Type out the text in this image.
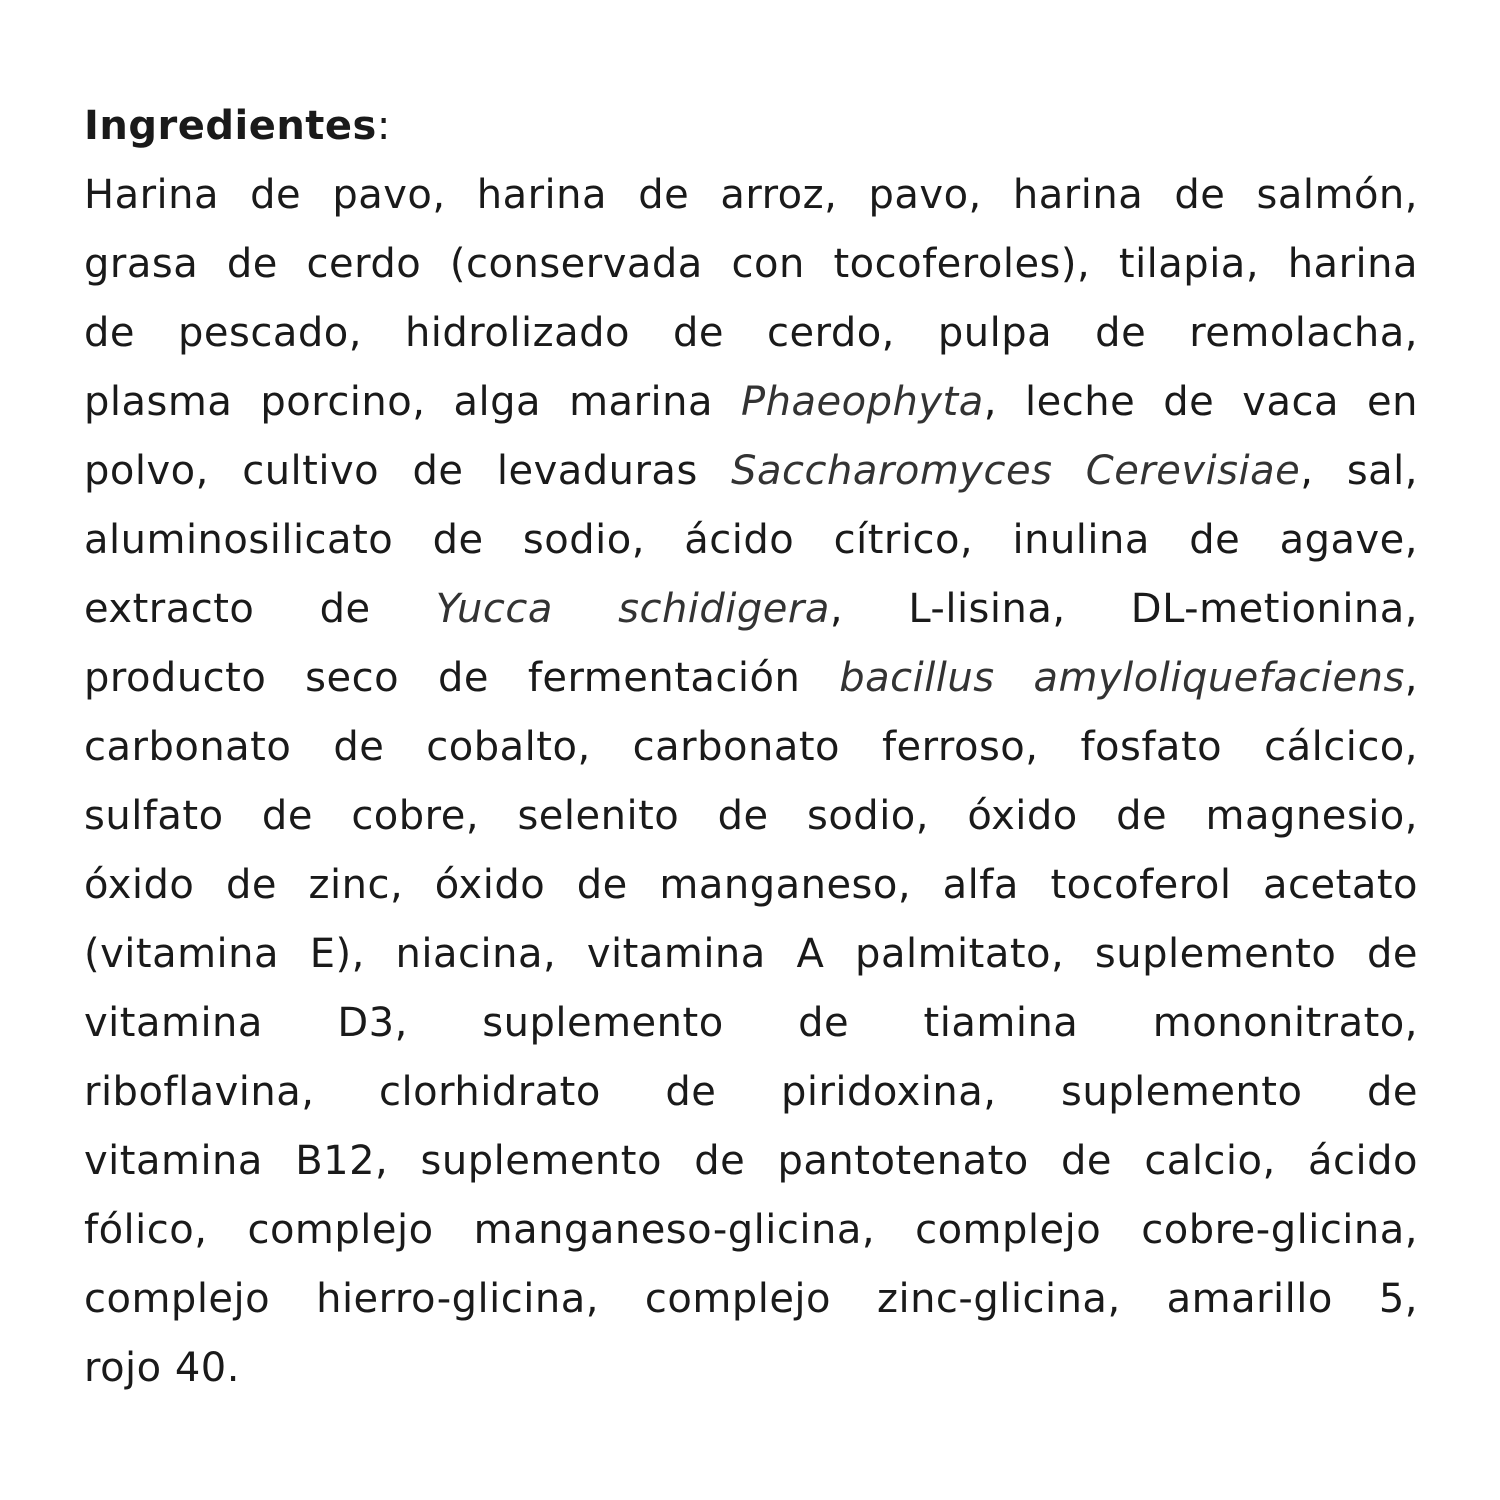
Ingredientes:
Harina de pavo, harina de arroz, pavo, harina de salmón,
grasa de cerdo (conservada con tocoferoles), tilapia, harina
de pescado, hidrolizado de cerdo, pulpa de remolacha,
plasma porcino, alga marina Phaeophyta, leche de vaca en
polvo, cultivo de levaduras Saccharomyces Cerevisiae, sal,
aluminosilicato de sodio, ácido cítrico, inulina de agave,
extracto de Yucca schidigera, L-lisina, DL-metionina,
producto seco de fermentación bacillus amyloliquefaciens,
carbonato de cobalto, carbonato ferroso, fosfato cálcico,
sulfato de cobre, selenito de sodio, óxido de magnesio,
óxido de zinc, óxido de manganeso, alfa tocoferol acetato
(vitamina E), niacina, vitamina A palmitato, suplemento de
vitamina D3, suplemento de tiamina mononitrato,
riboflavina, clorhidrato de piridoxina, suplemento de
vitamina B12, suplemento de pantotenato de calcio, ácido
fólico, complejo manganeso-glicina, complejo cobre-glicina,
complejo hierro-glicina, complejo zinc-glicina, amarillo 5,
rojo 40.
